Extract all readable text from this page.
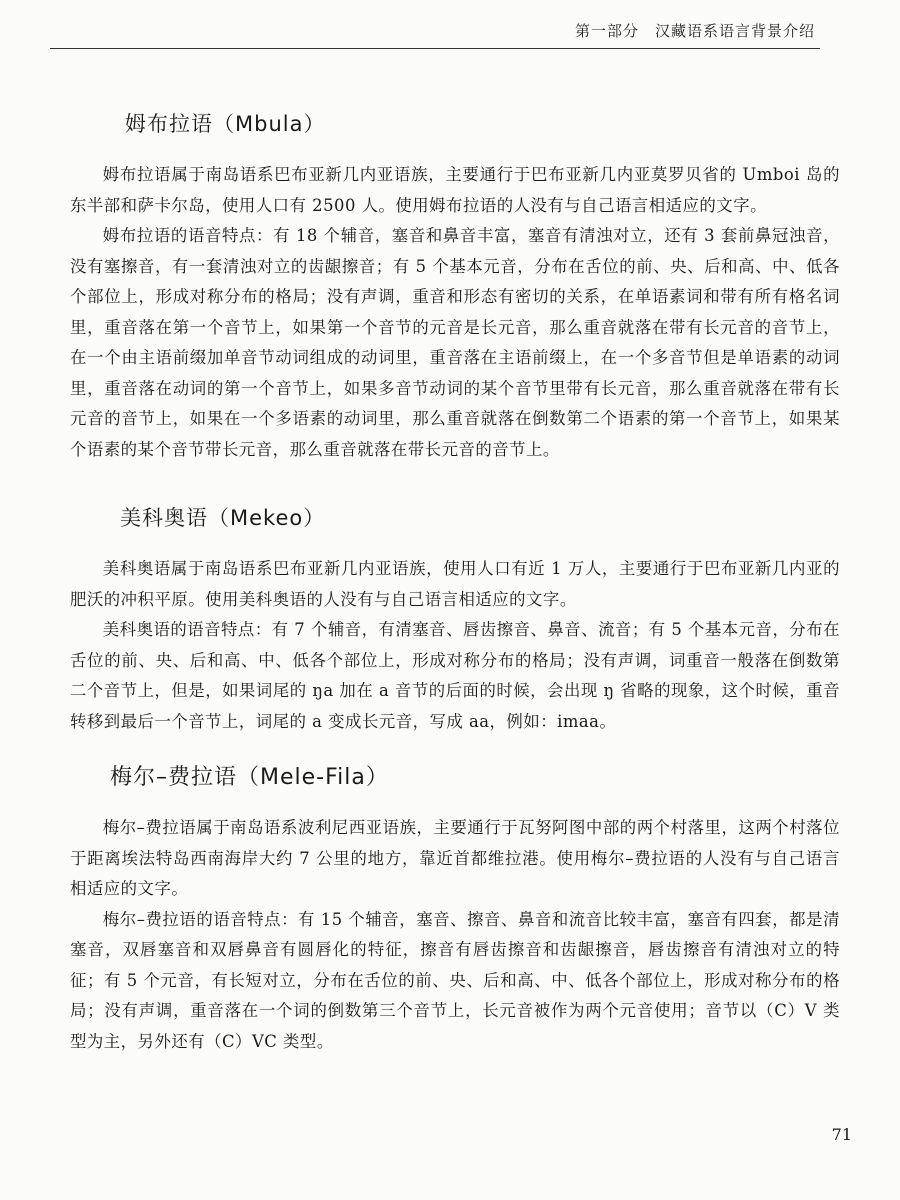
第一部分　汉藏语系语言背景介绍
姆布拉语（Mbula）

姆布拉语属于南岛语系巴布亚新几内亚语族，主要通行于巴布亚新几内亚莫罗贝省的 Umboi 岛的东半部和萨卡尔岛，使用人口有 2500 人。使用姆布拉语的人没有与自己语言相适应的文字。

姆布拉语的语音特点：有 18 个辅音，塞音和鼻音丰富，塞音有清浊对立，还有 3 套前鼻冠浊音，没有塞擦音，有一套清浊对立的齿龈擦音；有 5 个基本元音，分布在舌位的前、央、后和高、中、低各个部位上，形成对称分布的格局；没有声调，重音和形态有密切的关系，在单语素词和带有所有格名词里，重音落在第一个音节上，如果第一个音节的元音是长元音，那么重音就落在带有长元音的音节上，在一个由主语前缀加单音节动词组成的动词里，重音落在主语前缀上，在一个多音节但是单语素的动词里，重音落在动词的第一个音节上，如果多音节动词的某个音节里带有长元音，那么重音就落在带有长元音的音节上，如果在一个多语素的动词里，那么重音就落在倒数第二个语素的第一个音节上，如果某个语素的某个音节带长元音，那么重音就落在带长元音的音节上。

美科奥语（Mekeo）

美科奥语属于南岛语系巴布亚新几内亚语族，使用人口有近 1 万人，主要通行于巴布亚新几内亚的肥沃的冲积平原。使用美科奥语的人没有与自己语言相适应的文字。

美科奥语的语音特点：有 7 个辅音，有清塞音、唇齿擦音、鼻音、流音；有 5 个基本元音，分布在舌位的前、央、后和高、中、低各个部位上，形成对称分布的格局；没有声调，词重音一般落在倒数第二个音节上，但是，如果词尾的 ŋa 加在 a 音节的后面的时候，会出现 ŋ 省略的现象，这个时候，重音转移到最后一个音节上，词尾的 a 变成长元音，写成 aa，例如：imaa。

梅尔–费拉语（Mele-Fila）

梅尔–费拉语属于南岛语系波利尼西亚语族，主要通行于瓦努阿图中部的两个村落里，这两个村落位于距离埃法特岛西南海岸大约 7 公里的地方，靠近首都维拉港。使用梅尔–费拉语的人没有与自己语言相适应的文字。

梅尔–费拉语的语音特点：有 15 个辅音，塞音、擦音、鼻音和流音比较丰富，塞音有四套，都是清塞音，双唇塞音和双唇鼻音有圆唇化的特征，擦音有唇齿擦音和齿龈擦音，唇齿擦音有清浊对立的特征；有 5 个元音，有长短对立，分布在舌位的前、央、后和高、中、低各个部位上，形成对称分布的格局；没有声调，重音落在一个词的倒数第三个音节上，长元音被作为两个元音使用；音节以（C）V 类型为主，另外还有（C）VC 类型。

71
